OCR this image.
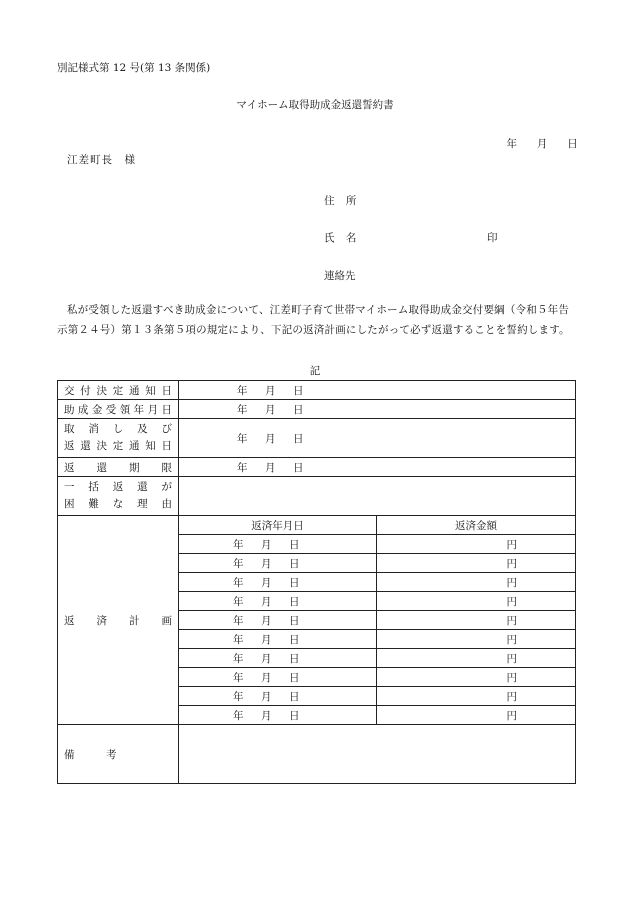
別記様式第 12 号(第 13 条関係)
マイホーム取得助成金返還誓約書
年 月 日
江差町長　様
住 所
氏 名	印
連絡先
私が受領した返還すべき助成金について、江差町子育て世帯マイホーム取得助成金交付要綱（令和５年告示第２４号）第１３条第５項の規定により、下記の返済計画にしたがって必ず返還することを誓約します。
記
交付決定通知日	年 月 日	
助成金受領年月日	年 月 日	

取 消 し 及 び
返還決定通知日	年 月 日	
返 還 期 限	年 月 日	

一 括 返 還 が
困 難 な 理 由		

返 済 計 画	返済年月日	返済金額
	年 月 日	円
	年 月 日	円
	年 月 日	円
	年 月 日	円
	年 月 日	円
	年 月 日	円
	年 月 日	円
	年 月 日	円
	年 月 日	円
	年 月 日	円
備　　　考		
